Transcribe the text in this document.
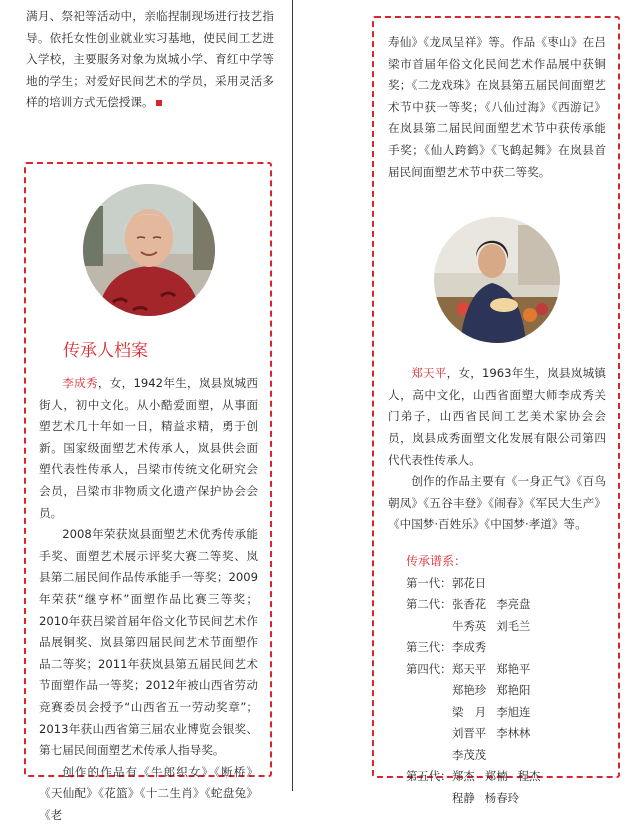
满月、祭祀等活动中，亲临捏制现场进行技艺指导。依托女性创业就业实习基地，使民间工艺进入学校，主要服务对象为岚城小学、育红中学等地的学生；对爱好民间艺术的学员，采用灵活多样的培训方式无偿授课。

传承人档案

李成秀，女，1942年生，岚县岚城西街人，初中文化。从小酷爱面塑，从事面塑艺术几十年如一日，精益求精，勇于创新。国家级面塑艺术传承人，岚县供会面塑代表性传承人，吕梁市传统文化研究会会员，吕梁市非物质文化遗产保护协会会员。

2008年荣获岚县面塑艺术优秀传承能手奖、面塑艺术展示评奖大赛二等奖、岚县第二届民间作品传承能手一等奖；2009年荣获“继亨杯”面塑作品比赛三等奖；2010年获吕梁首届年俗文化节民间艺术作品展铜奖、岚县第四届民间艺术节面塑作品二等奖；2011年获岚县第五届民间艺术节面塑作品一等奖；2012年被山西省劳动竞赛委员会授予“山西省五一劳动奖章”；2013年获山西省第三届农业博览会银奖、第七届民间面塑艺术传承人指导奖。

创作的作品有《牛郎织女》《断桥》《天仙配》《花篮》《十二生肖》《蛇盘兔》《老

寿仙》《龙凤呈祥》等。作品《枣山》在吕梁市首届年俗文化民间艺术作品展中获铜奖；《二龙戏珠》在岚县第五届民间面塑艺术节中获一等奖；《八仙过海》《西游记》在岚县第二届民间面塑艺术节中获传承能手奖；《仙人跨鹤》《飞鹤起舞》在岚县首届民间面塑艺术节中获二等奖。

郑天平，女，1963年生，岚县岚城镇人，高中文化，山西省面塑大师李成秀关门弟子，山西省民间工艺美术家协会会员，岚县成秀面塑文化发展有限公司第四代代表性传承人。

创作的作品主要有《一身正气》《百鸟朝凤》《五谷丰登》《闹春》《军民大生产》《中国梦·百姓乐》《中国梦·孝道》等。

传承谱系：
第一代： 郭花日
第二代： 张香花 李亮盘
牛秀英 刘毛兰
第三代： 李成秀
第四代： 郑天平 郑艳平
郑艳珍 郑艳阳
梁　月 李旭连
刘晋平 李林林
李茂茂
第五代： 郑杰 郑楠 程杰
程静 杨春玲
